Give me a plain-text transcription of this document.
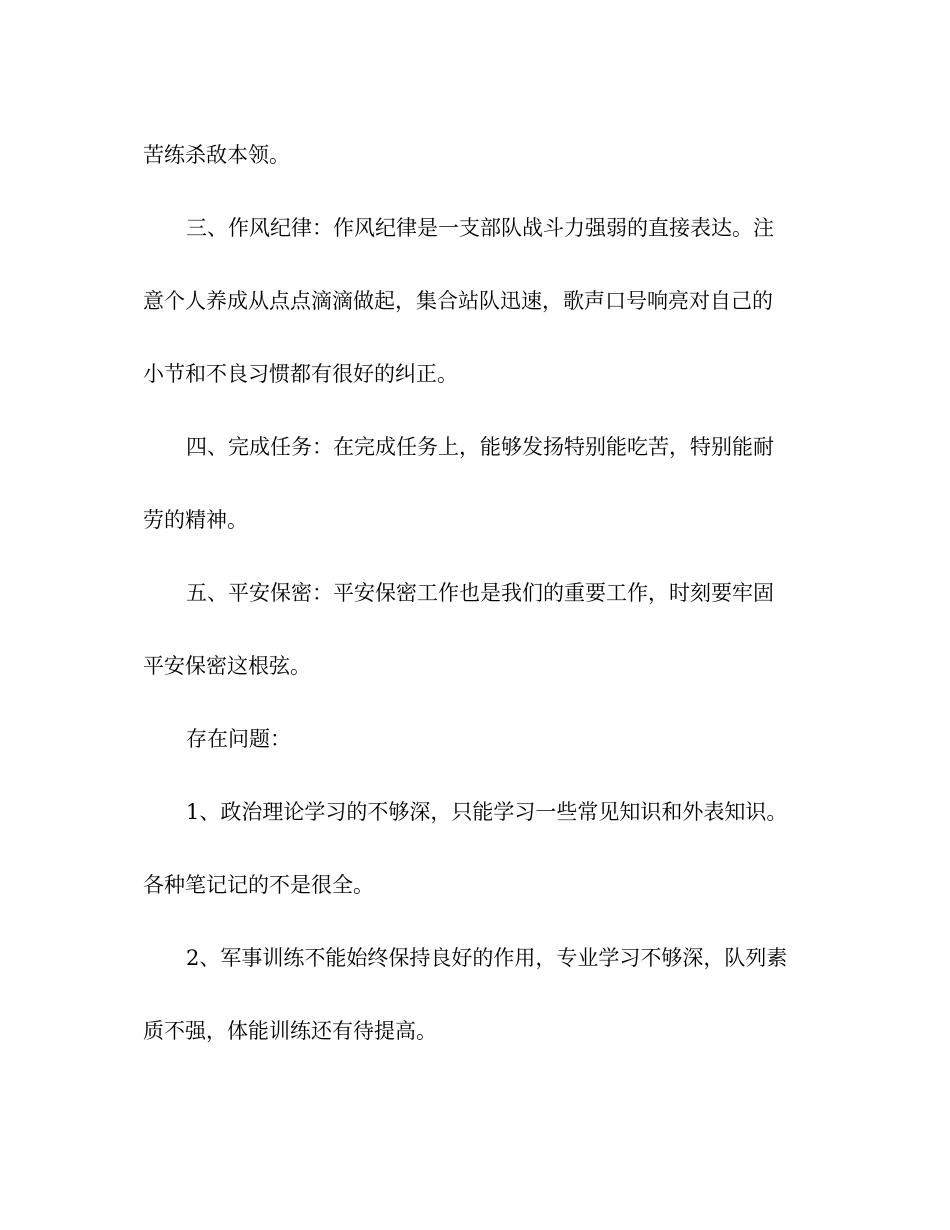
苦练杀敌本领。
三、作风纪律：作风纪律是一支部队战斗力强弱的直接表达。注
意个人养成从点点滴滴做起，集合站队迅速，歌声口号响亮对自己的
小节和不良习惯都有很好的纠正。
四、完成任务：在完成任务上，能够发扬特别能吃苦，特别能耐
劳的精神。
五、平安保密：平安保密工作也是我们的重要工作，时刻要牢固
平安保密这根弦。
存在问题：
1、政治理论学习的不够深，只能学习一些常见知识和外表知识。
各种笔记记的不是很全。
2、军事训练不能始终保持良好的作用，专业学习不够深，队列素
质不强，体能训练还有待提高。
